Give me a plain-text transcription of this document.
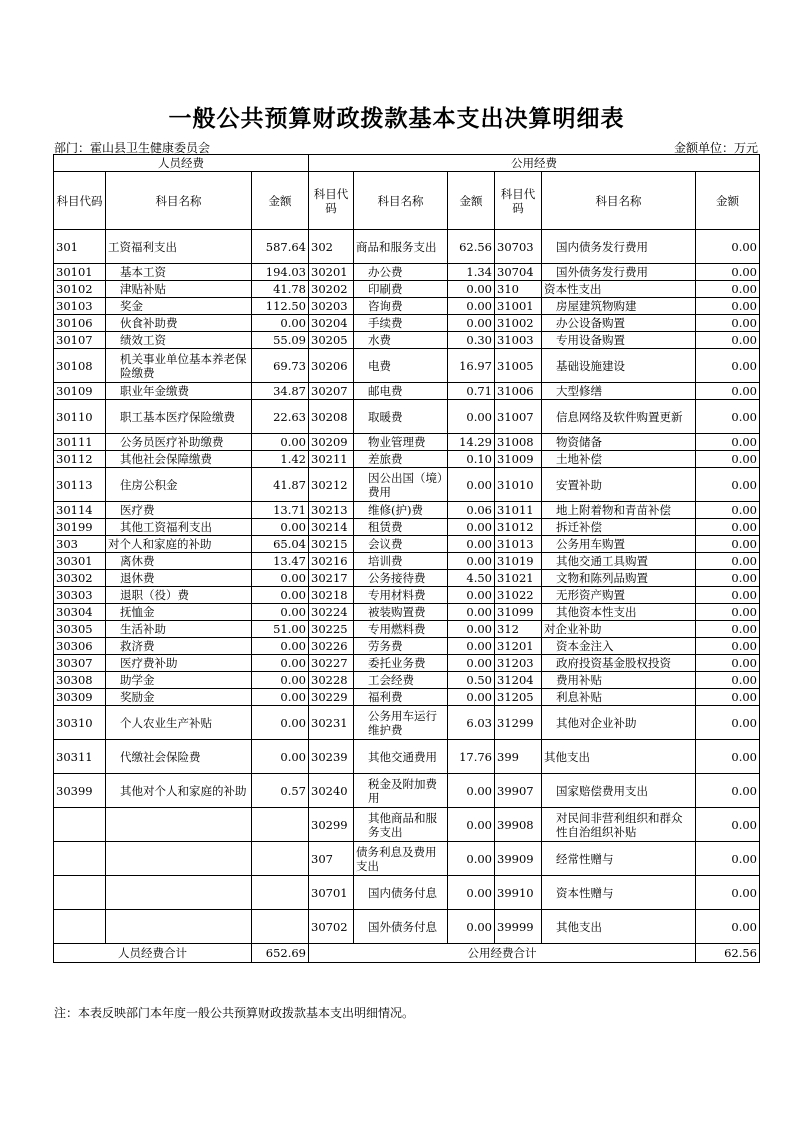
一般公共预算财政拨款基本支出决算明细表
部门：霍山县卫生健康委员会	金额单位：万元
人员经费			公用经费					
科目代码	科目名称	金额	科目代码	科目名称	金额	科目代码	科目名称	金额
301	工资福利支出	587.64	302	商品和服务支出	62.56	30703	国内债务发行费用	0.00
30101	基本工资	194.03	30201	办公费	1.34	30704	国外债务发行费用	0.00
30102	津贴补贴	41.78	30202	印刷费	0.00	310	资本性支出	0.00
30103	奖金	112.50	30203	咨询费	0.00	31001	房屋建筑物购建	0.00
30106	伙食补助费	0.00	30204	手续费	0.00	31002	办公设备购置	0.00
30107	绩效工资	55.09	30205	水费	0.30	31003	专用设备购置	0.00
30108	机关事业单位基本养老保险缴费	69.73	30206	电费	16.97	31005	基础设施建设	0.00
30109	职业年金缴费	34.87	30207	邮电费	0.71	31006	大型修缮	0.00
30110	职工基本医疗保险缴费	22.63	30208	取暖费	0.00	31007	信息网络及软件购置更新	0.00
30111	公务员医疗补助缴费	0.00	30209	物业管理费	14.29	31008	物资储备	0.00
30112	其他社会保障缴费	1.42	30211	差旅费	0.10	31009	土地补偿	0.00
30113	住房公积金	41.87	30212	因公出国（境）费用	0.00	31010	安置补助	0.00
30114	医疗费	13.71	30213	维修(护)费	0.06	31011	地上附着物和青苗补偿	0.00
30199	其他工资福利支出	0.00	30214	租赁费	0.00	31012	拆迁补偿	0.00
303	对个人和家庭的补助	65.04	30215	会议费	0.00	31013	公务用车购置	0.00
30301	离休费	13.47	30216	培训费	0.00	31019	其他交通工具购置	0.00
30302	退休费	0.00	30217	公务接待费	4.50	31021	文物和陈列品购置	0.00
30303	退职（役）费	0.00	30218	专用材料费	0.00	31022	无形资产购置	0.00
30304	抚恤金	0.00	30224	被装购置费	0.00	31099	其他资本性支出	0.00
30305	生活补助	51.00	30225	专用燃料费	0.00	312	对企业补助	0.00
30306	救济费	0.00	30226	劳务费	0.00	31201	资本金注入	0.00
30307	医疗费补助	0.00	30227	委托业务费	0.00	31203	政府投资基金股权投资	0.00
30308	助学金	0.00	30228	工会经费	0.50	31204	费用补贴	0.00
30309	奖励金	0.00	30229	福利费	0.00	31205	利息补贴	0.00
30310	个人农业生产补贴	0.00	30231	公务用车运行维护费	6.03	31299	其他对企业补助	0.00
30311	代缴社会保险费	0.00	30239	其他交通费用	17.76	399	其他支出	0.00
30399	其他对个人和家庭的补助	0.57	30240	税金及附加费用	0.00	39907	国家赔偿费用支出	0.00
			30299	其他商品和服务支出	0.00	39908	对民间非营利组织和群众性自治组织补贴	0.00
			307	债务利息及费用支出	0.00	39909	经常性赠与	0.00
			30701	国内债务付息	0.00	39910	资本性赠与	0.00
			30702	国外债务付息	0.00	39999	其他支出	0.00
人员经费合计		652.69	公用经费合计					62.56
注：本表反映部门本年度一般公共预算财政拨款基本支出明细情况。
